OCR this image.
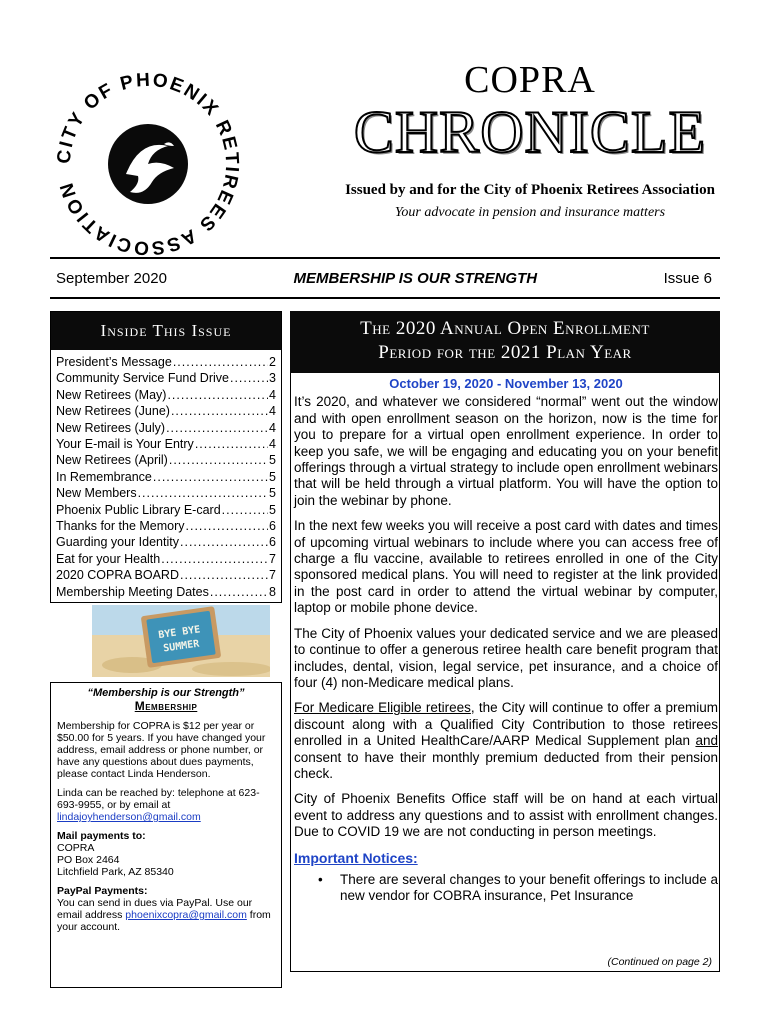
CITY OF PHOENIX RETIREES ASSOCIATION
COPRA
CHRONICLE
Issued by and for the City of Phoenix Retirees Association
Your advocate in pension and insurance matters
September 2020	MEMBERSHIP IS OUR STRENGTH	Issue 6
Inside This Issue
President’s Message .....	2
Community Service Fund Drive .....	3
New Retirees (May) .....	4
New Retirees (June) .....	4
New Retirees (July) .....	4
Your E-mail is Your Entry .....	4
New Retirees (April) .....	5
In Remembrance .....	5
New Members .....	5
Phoenix Public Library E-card .....	5
Thanks for the Memory .....	6
Guarding your Identity .....	6
Eat for your Health .....	7
2020 COPRA BOARD .....	7
Membership Meeting Dates .....	8
BYE BYE
SUMMER
“Membership is our Strength”
Membership

Membership for COPRA is $12 per year or $50.00 for 5 years. If you have changed your address, email address or phone number, or have any questions about dues payments, please contact Linda Henderson.

Linda can be reached by: telephone at 623-693-9955, or by email at lindajoyhenderson@gmail.com

Mail payments to:
COPRA
PO Box 2464
Litchfield Park, AZ 85340

PayPal Payments:
You can send in dues via PayPal. Use our email address phoenixcopra@gmail.com from your account.

The 2020 Annual Open Enrollment
Period for the 2021 Plan Year
October 19, 2020 - November 13, 2020

It’s 2020, and whatever we considered “normal” went out the window and with open enrollment season on the horizon, now is the time for you to prepare for a virtual open enrollment experience. In order to keep you safe, we will be engaging and educating you on your benefit offerings through a virtual strategy to include open enrollment webinars that will be held through a virtual platform. You will have the option to join the webinar by phone.

In the next few weeks you will receive a post card with dates and times of upcoming virtual webinars to include where you can access free of charge a flu vaccine, available to retirees enrolled in one of the City sponsored medical plans. You will need to register at the link provided in the post card in order to attend the virtual webinar by computer, laptop or mobile phone device.

The City of Phoenix values your dedicated service and we are pleased to continue to offer a generous retiree health care benefit program that includes, dental, vision, legal service, pet insurance, and a choice of four (4) non-Medicare medical plans.

For Medicare Eligible retirees, the City will continue to offer a premium discount along with a Qualified City Contribution to those retirees enrolled in a United HealthCare/AARP Medical Supplement plan and consent to have their monthly premium deducted from their pension check.

City of Phoenix Benefits Office staff will be on hand at each virtual event to address any questions and to assist with enrollment changes. Due to COVID 19 we are not conducting in person meetings.

Important Notices:
•	There are several changes to your benefit offerings to include a new vendor for COBRA insurance, Pet Insurance
(Continued on page 2)
